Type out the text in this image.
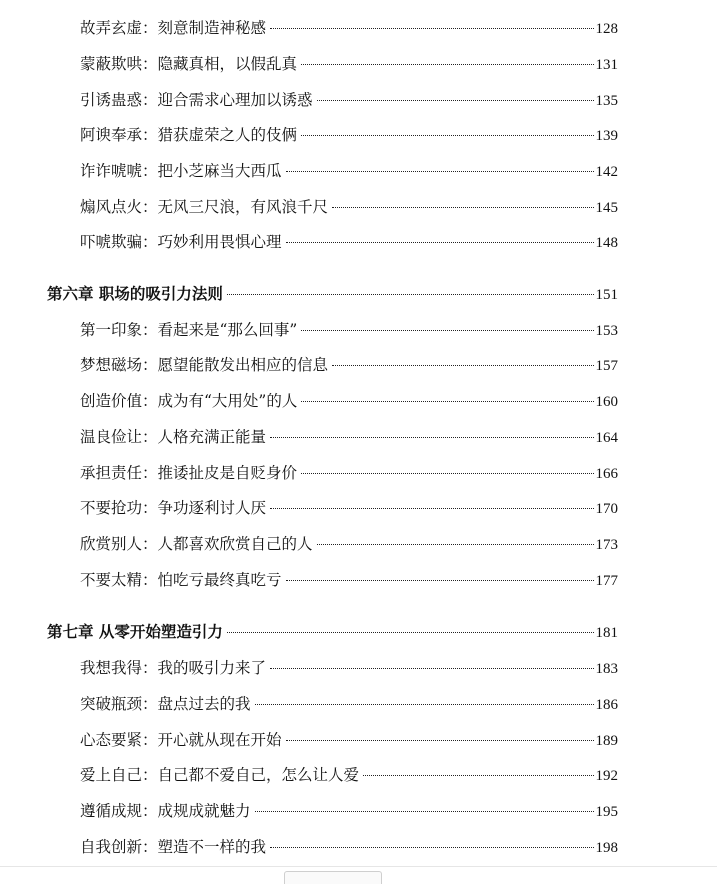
故弄玄虚：刻意制造神秘感	128
蒙蔽欺哄：隐藏真相，以假乱真	131
引诱蛊惑：迎合需求心理加以诱惑	135
阿谀奉承：猎获虚荣之人的伎俩	139
诈诈唬唬：把小芝麻当大西瓜	142
煽风点火：无风三尺浪，有风浪千尺	145
吓唬欺骗：巧妙利用畏惧心理	148
第六章 职场的吸引力法则	151
第一印象：看起来是“那么回事”	153
梦想磁场：愿望能散发出相应的信息	157
创造价值：成为有“大用处”的人	160
温良俭让：人格充满正能量	164
承担责任：推诿扯皮是自贬身价	166
不要抢功：争功逐利讨人厌	170
欣赏别人：人都喜欢欣赏自己的人	173
不要太精：怕吃亏最终真吃亏	177
第七章 从零开始塑造引力	181
我想我得：我的吸引力来了	183
突破瓶颈：盘点过去的我	186
心态要紧：开心就从现在开始	189
爱上自己：自己都不爱自己，怎么让人爱	192
遵循成规：成规成就魅力	195
自我创新：塑造不一样的我	198
